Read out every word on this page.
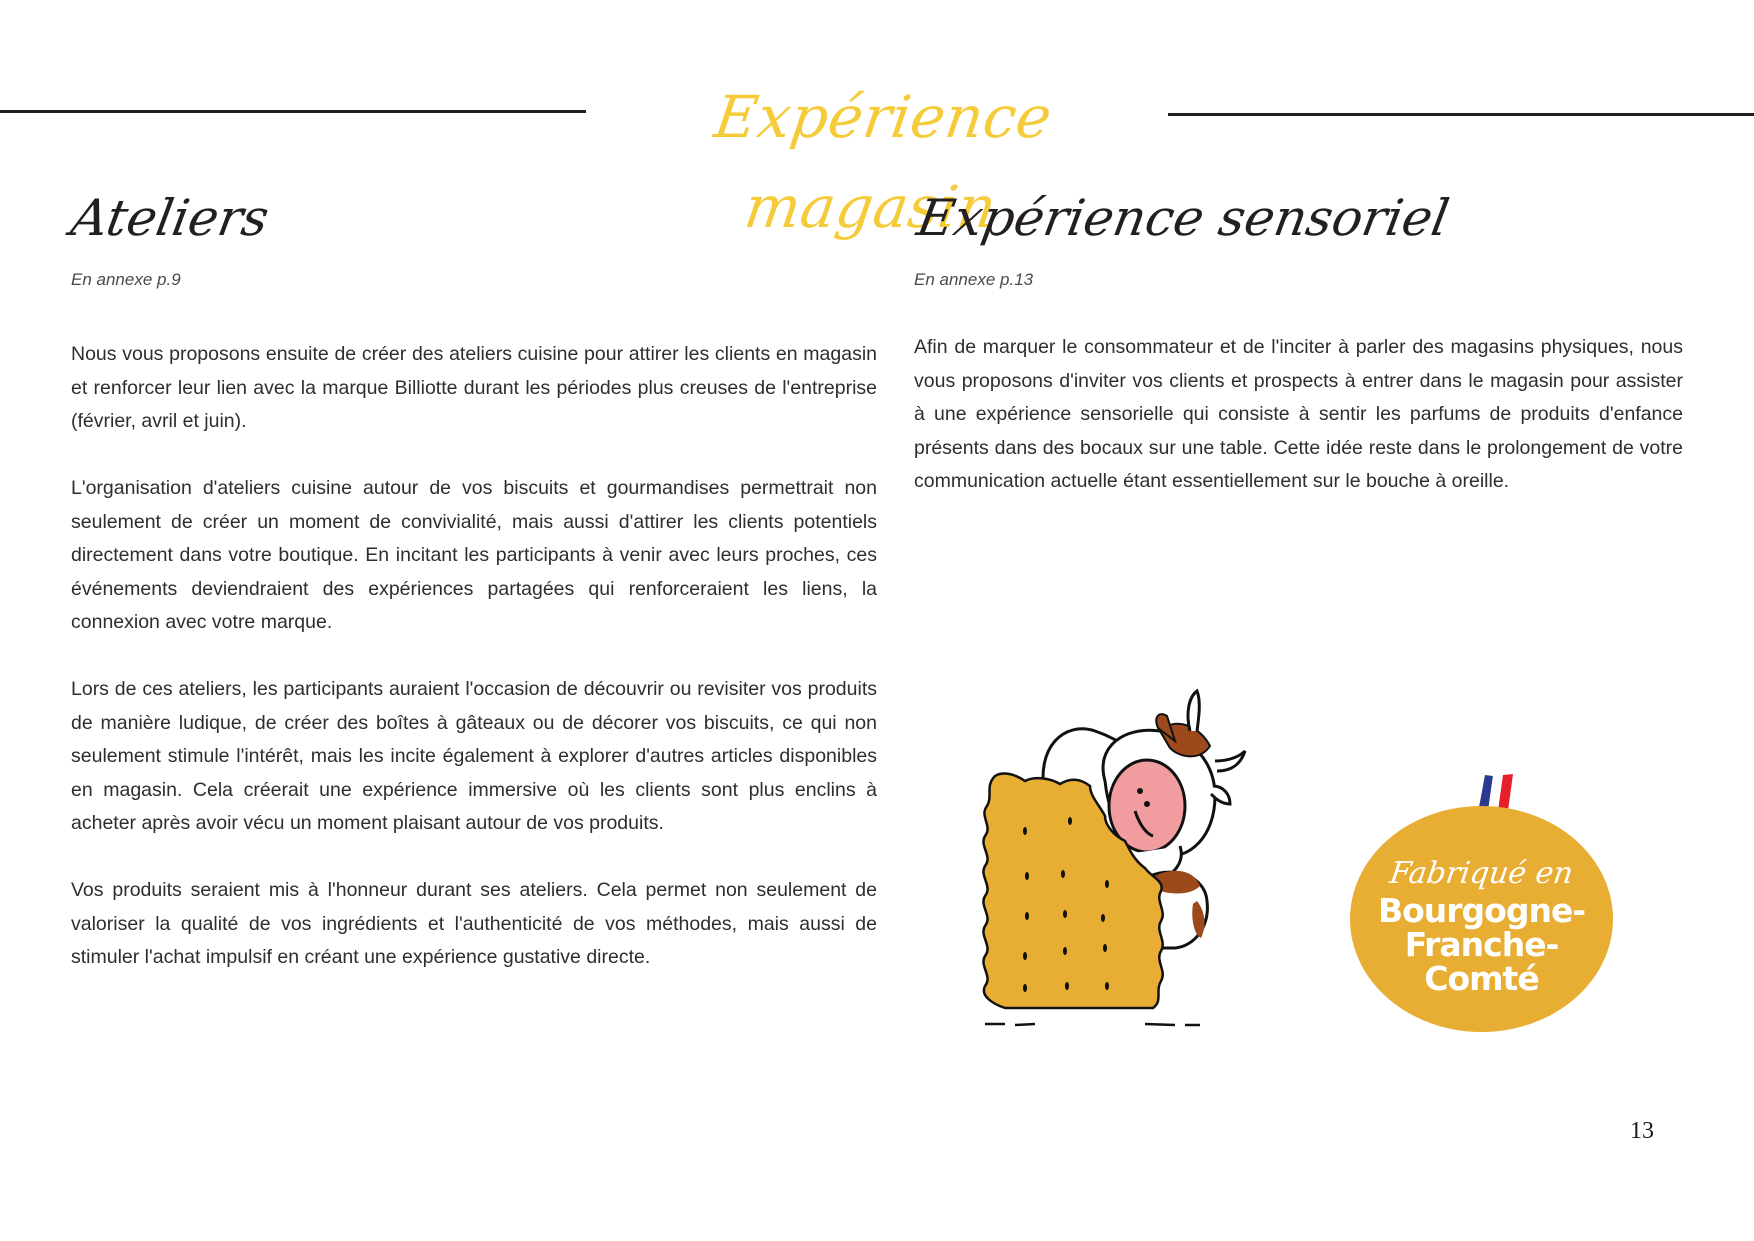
Expérience magasin
Ateliers
En annexe p.9

Nous vous proposons ensuite de créer des ateliers cuisine pour attirer les clients en magasin et renforcer leur lien avec la marque Billiotte durant les périodes plus creuses de l'entreprise (février, avril et juin).

L'organisation d'ateliers cuisine autour de vos biscuits et gourmandises permettrait non seulement de créer un moment de convivialité, mais aussi d'attirer les clients potentiels directement dans votre boutique. En incitant les participants à venir avec leurs proches, ces événements deviendraient des expériences partagées qui renforceraient les liens, la connexion avec votre marque.

Lors de ces ateliers, les participants auraient l'occasion de découvrir ou revisiter vos produits de manière ludique, de créer des boîtes à gâteaux ou de décorer vos biscuits, ce qui non seulement stimule l'intérêt, mais les incite également à explorer d'autres articles disponibles en magasin. Cela créerait une expérience immersive où les clients sont plus enclins à acheter après avoir vécu un moment plaisant autour de vos produits.

Vos produits seraient mis à l'honneur durant ses ateliers. Cela permet non seulement de valoriser la qualité de vos ingrédients et l'authenticité de vos méthodes, mais aussi de stimuler l'achat impulsif en créant une expérience gustative directe.

Expérience sensoriel
En annexe p.13

Afin de marquer le consommateur et de l'inciter à parler des magasins physiques, nous vous proposons d'inviter vos clients et prospects à entrer dans le magasin pour assister à une expérience sensorielle qui consiste à sentir les parfums de produits d'enfance présents dans des bocaux sur une table. Cette idée reste dans le prolongement de votre communication actuelle étant essentiellement sur le bouche à oreille.

Fabriqué en
Bourgogne-
Franche-
Comté
13
